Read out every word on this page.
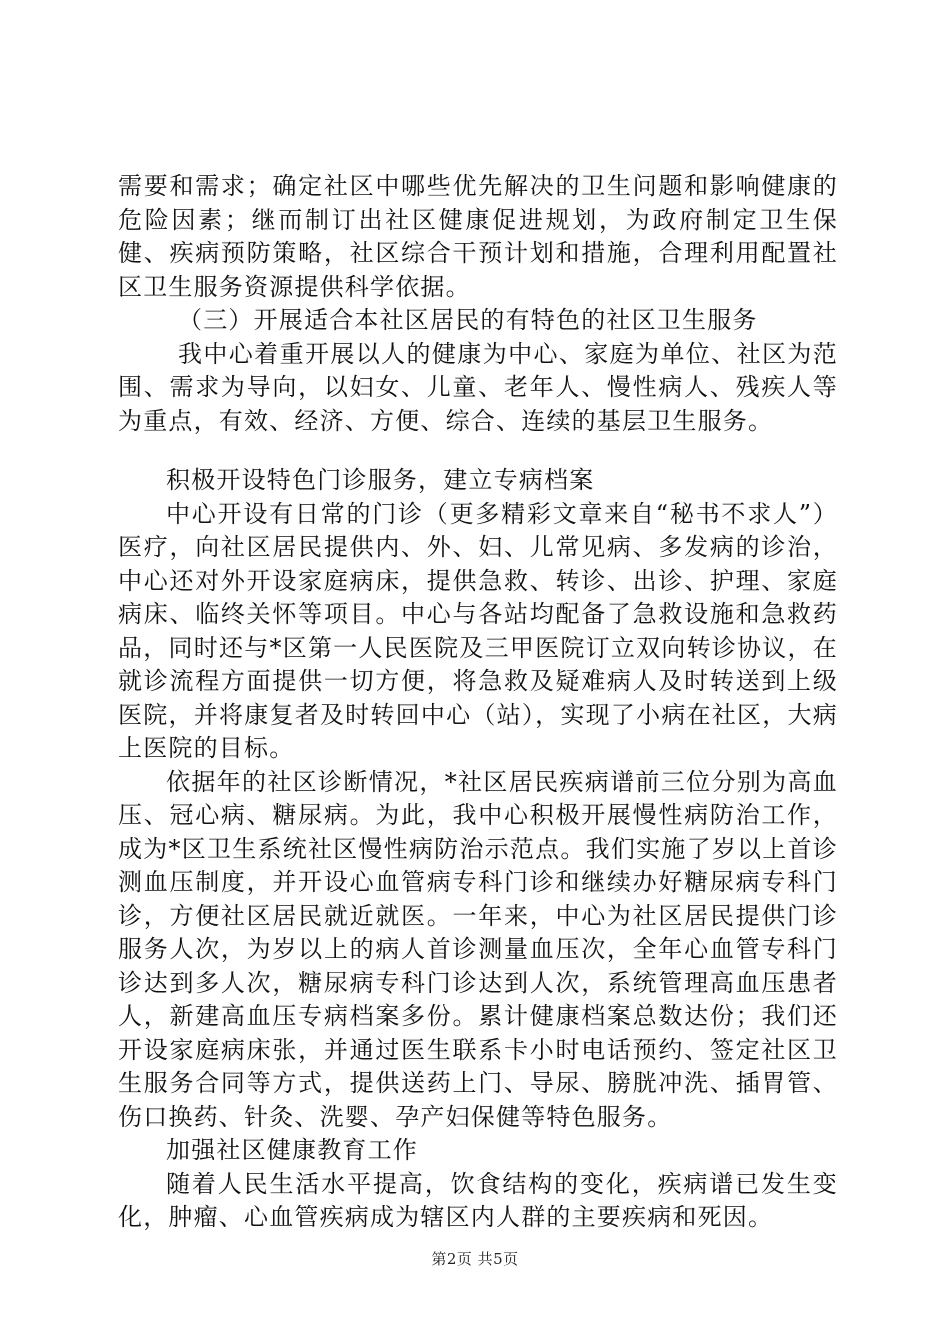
需要和需求；确定社区中哪些优先解决的卫生问题和影响健康的危险因素；继而制订出社区健康促进规划，为政府制定卫生保健、疾病预防策略，社区综合干预计划和措施，合理利用配置社区卫生服务资源提供科学依据。

（三）开展适合本社区居民的有特色的社区卫生服务

我中心着重开展以人的健康为中心、家庭为单位、社区为范围、需求为导向，以妇女、儿童、老年人、慢性病人、残疾人等为重点，有效、经济、方便、综合、连续的基层卫生服务。

积极开设特色门诊服务，建立专病档案

中心开设有日常的门诊（更多精彩文章来自“秘书不求人”）医疗，向社区居民提供内、外、妇、儿常见病、多发病的诊治，中心还对外开设家庭病床，提供急救、转诊、出诊、护理、家庭病床、临终关怀等项目。中心与各站均配备了急救设施和急救药品，同时还与*区第一人民医院及三甲医院订立双向转诊协议，在就诊流程方面提供一切方便，将急救及疑难病人及时转送到上级医院，并将康复者及时转回中心（站），实现了小病在社区，大病上医院的目标。

依据年的社区诊断情况，*社区居民疾病谱前三位分别为高血压、冠心病、糖尿病。为此，我中心积极开展慢性病防治工作，成为*区卫生系统社区慢性病防治示范点。我们实施了岁以上首诊测血压制度，并开设心血管病专科门诊和继续办好糖尿病专科门诊，方便社区居民就近就医。一年来，中心为社区居民提供门诊服务人次，为岁以上的病人首诊测量血压次，全年心血管专科门诊达到多人次，糖尿病专科门诊达到人次，系统管理高血压患者人，新建高血压专病档案多份。累计健康档案总数达份；我们还开设家庭病床张，并通过医生联系卡小时电话预约、签定社区卫生服务合同等方式，提供送药上门、导尿、膀胱冲洗、插胃管、伤口换药、针灸、洗婴、孕产妇保健等特色服务。

加强社区健康教育工作

随着人民生活水平提高，饮食结构的变化，疾病谱已发生变化，肿瘤、心血管疾病成为辖区内人群的主要疾病和死因。

第2页 共5页
